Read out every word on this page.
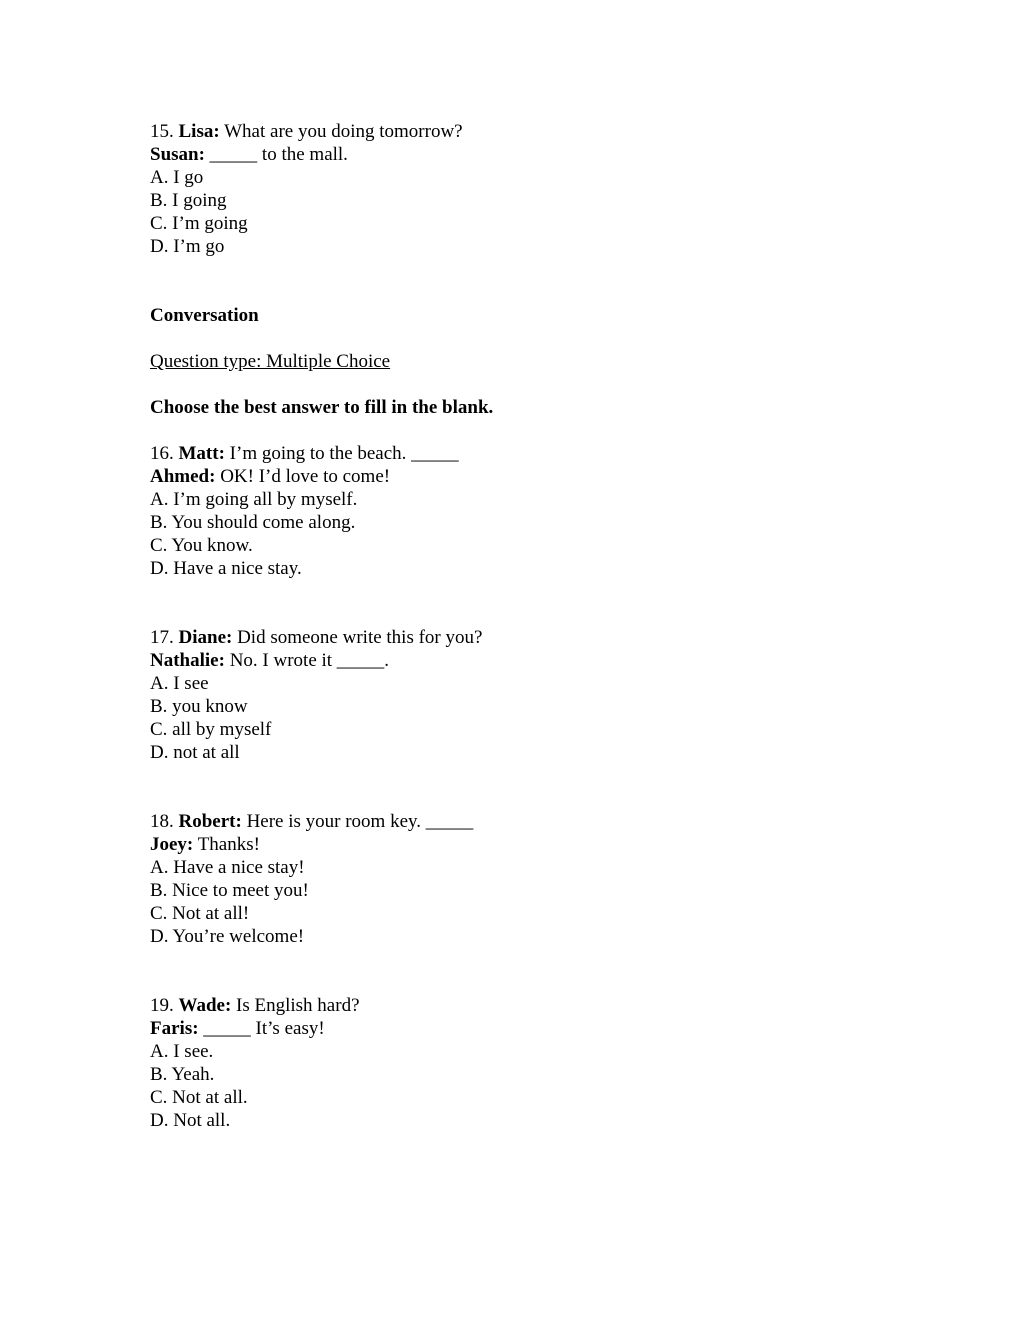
15. Lisa: What are you doing tomorrow?
Susan: _____ to the mall.
A. I go
B. I going
C. I’m going
D. I’m go
Conversation
Question type: Multiple Choice
Choose the best answer to fill in the blank.
16. Matt: I’m going to the beach. _____
Ahmed: OK! I’d love to come!
A. I’m going all by myself.
B. You should come along.
C. You know.
D. Have a nice stay.
17. Diane: Did someone write this for you?
Nathalie: No. I wrote it _____.
A. I see
B. you know
C. all by myself
D. not at all
18. Robert: Here is your room key. _____
Joey: Thanks!
A. Have a nice stay!
B. Nice to meet you!
C. Not at all!
D. You’re welcome!
19. Wade: Is English hard?
Faris: _____ It’s easy!
A. I see.
B. Yeah.
C. Not at all.
D. Not all.
